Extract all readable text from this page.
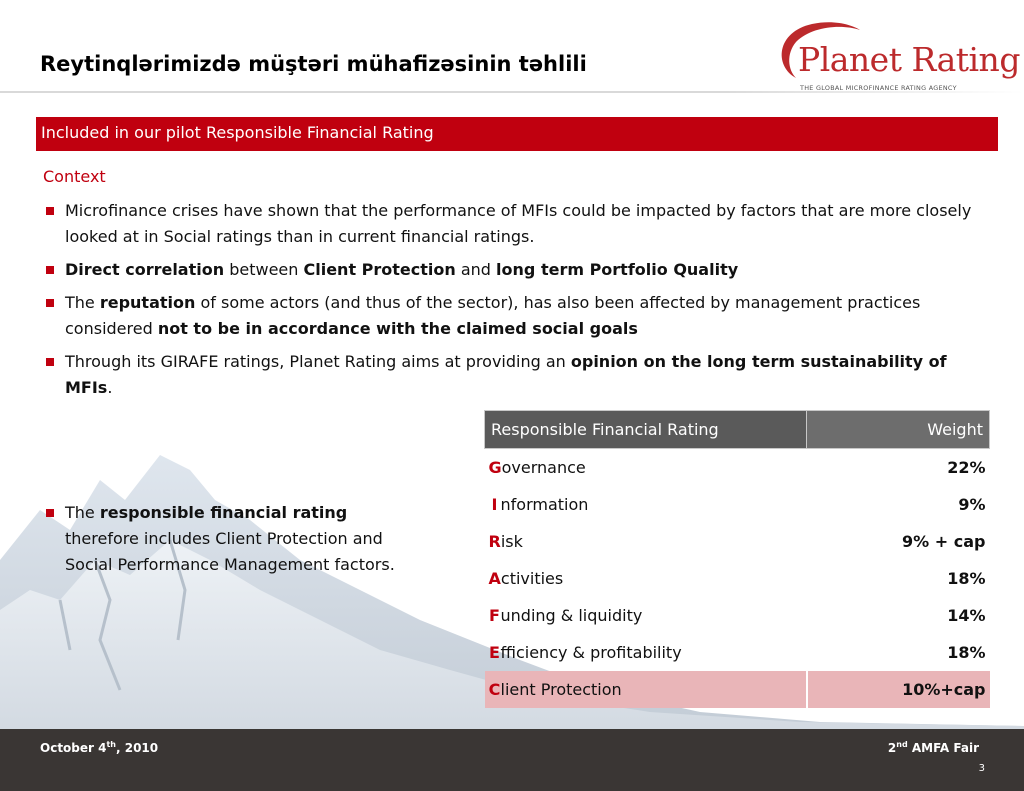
Reytinqlərimizdə müştəri mühafizəsinin təhlili	Planet Rating
THE GLOBAL MICROFINANCE RATING AGENCY
Included in our pilot Responsible Financial Rating
Context
Microfinance crises have shown that the performance of MFIs could be impacted by factors that are more closely looked at in Social ratings than in current financial ratings.
Direct correlation between Client Protection and long term Portfolio Quality
The reputation of some actors (and thus of the sector), has also been affected by management practices considered not to be in accordance with the claimed social goals
Through its GIRAFE ratings, Planet Rating aims at providing an opinion on the long term sustainability of MFIs.
The responsible financial rating therefore includes Client Protection and Social Performance Management factors.
Responsible Financial Rating	Weight
Governance	22%
I nformation	9%
Risk	9% + cap
Activities	18%
Funding & liquidity	14%
Efficiency & profitability	18%
Client Protection	10%+cap
October 4th, 2010	2nd AMFA Fair
3
